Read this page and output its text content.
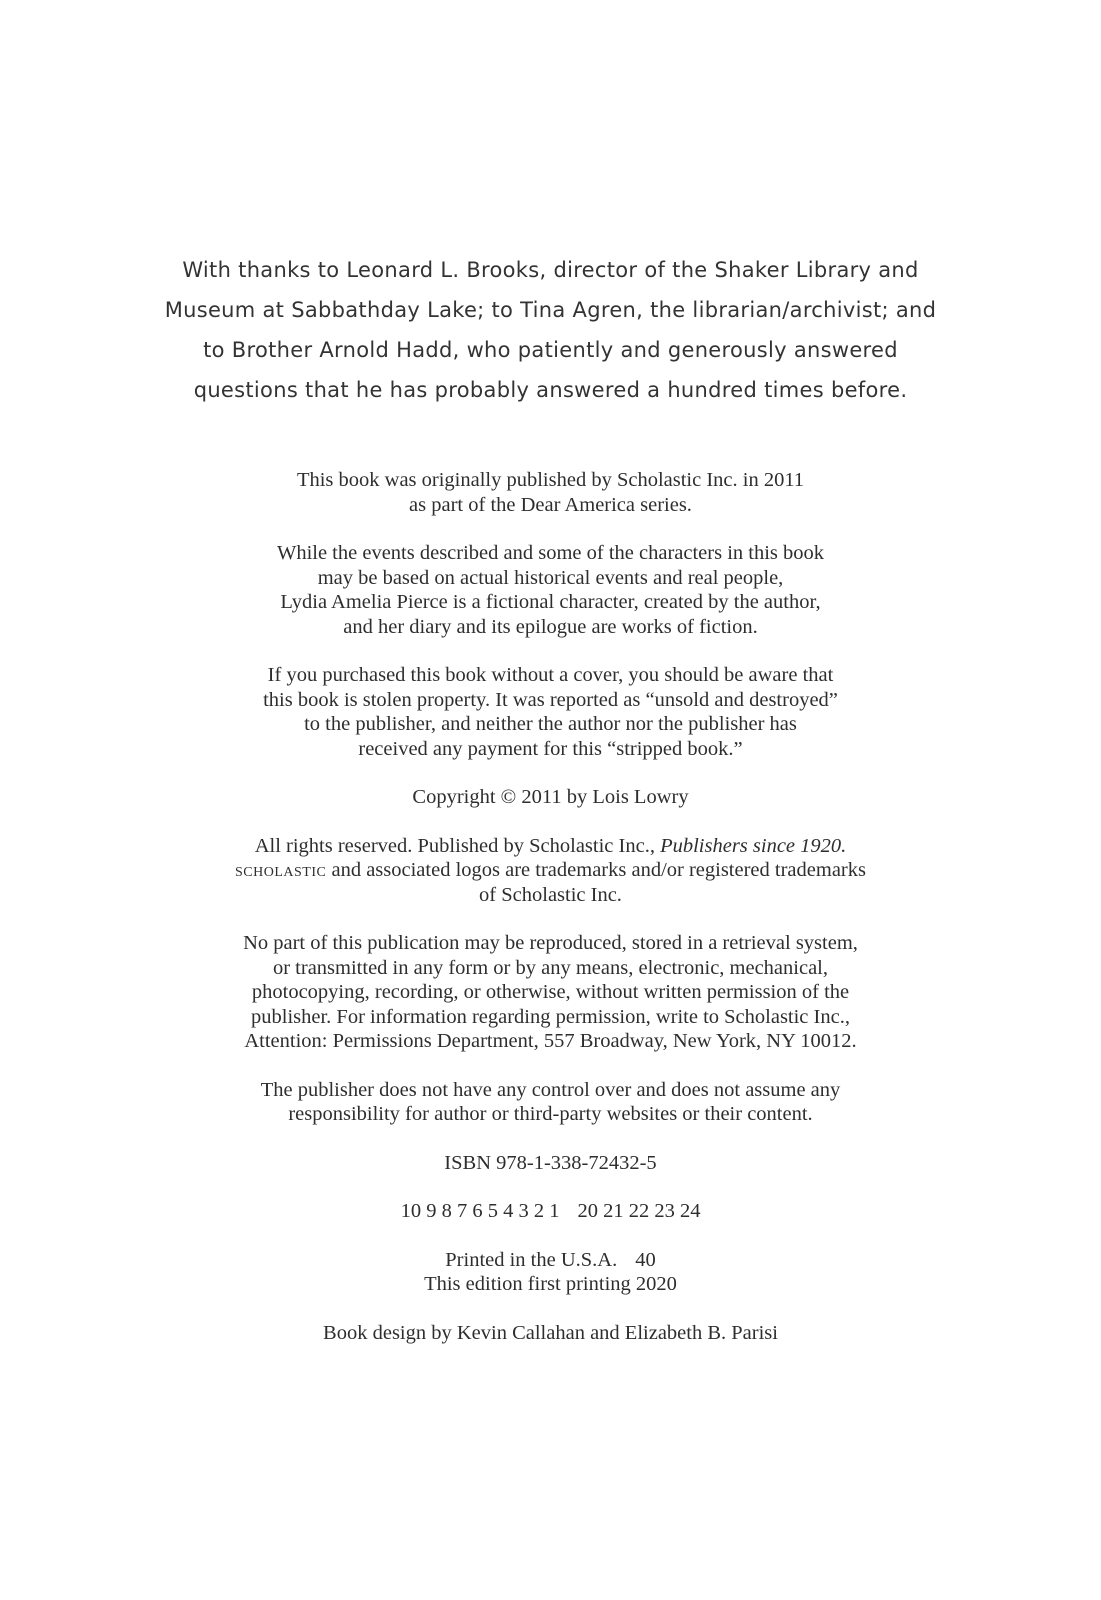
With thanks to Leonard L. Brooks, director of the Shaker Library and
Museum at Sabbathday Lake; to Tina Agren, the librarian/archivist; and
to Brother Arnold Hadd, who patiently and generously answered
questions that he has probably answered a hundred times before.

This book was originally published by Scholastic Inc. in 2011
as part of the Dear America series.

While the events described and some of the characters in this book
may be based on actual historical events and real people,
Lydia Amelia Pierce is a fictional character, created by the author,
and her diary and its epilogue are works of fiction.

If you purchased this book without a cover, you should be aware that
this book is stolen property. It was reported as “unsold and destroyed”
to the publisher, and neither the author nor the publisher has
received any payment for this “stripped book.”

Copyright © 2011 by Lois Lowry

All rights reserved. Published by Scholastic Inc., Publishers since 1920.
scholastic and associated logos are trademarks and/or registered trademarks
of Scholastic Inc.

No part of this publication may be reproduced, stored in a retrieval system,
or transmitted in any form or by any means, electronic, mechanical,
photocopying, recording, or otherwise, without written permission of the
publisher. For information regarding permission, write to Scholastic Inc.,
Attention: Permissions Department, 557 Broadway, New York, NY 10012.

The publisher does not have any control over and does not assume any
responsibility for author or third-party websites or their content.

ISBN 978-1-338-72432-5

10 9 8 7 6 5 4 3 2 1 20 21 22 23 24

Printed in the U.S.A. 40
This edition first printing 2020

Book design by Kevin Callahan and Elizabeth B. Parisi
